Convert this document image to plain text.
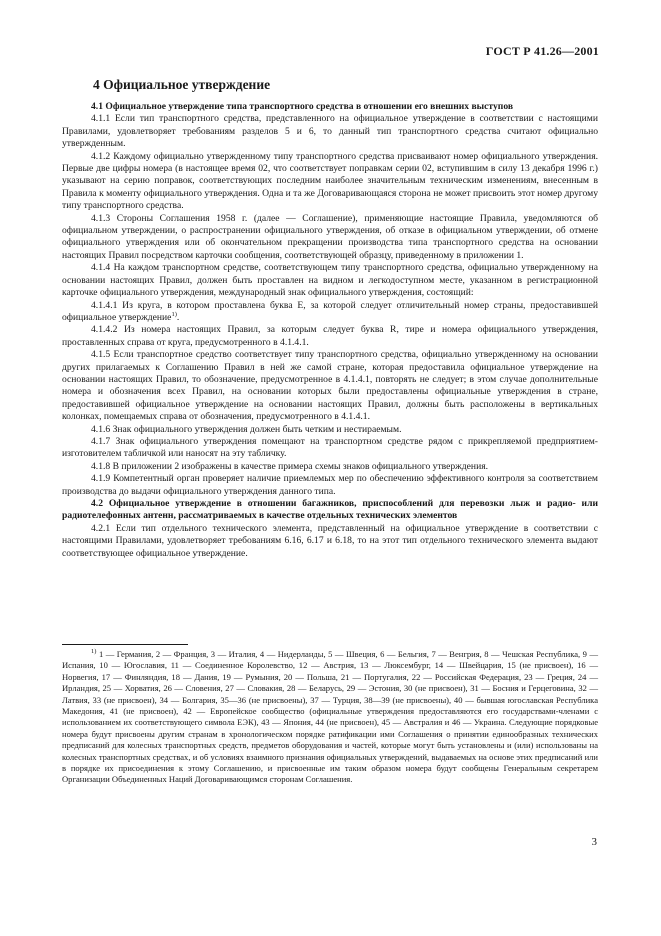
ГОСТ Р 41.26—2001
4 Официальное утверждение

4.1 Официальное утверждение типа транспортного средства в отношении его внешних выступов

4.1.1 Если тип транспортного средства, представленного на официальное утверждение в соответствии с настоящими Правилами, удовлетворяет требованиям разделов 5 и 6, то данный тип транспортного средства считают официально утвержденным.

4.1.2 Каждому официально утвержденному типу транспортного средства присваивают номер официального утверждения. Первые две цифры номера (в настоящее время 02, что соответствует поправкам серии 02, вступившим в силу 13 декабря 1996 г.) указывают на серию поправок, соответствующих последним наиболее значительным техническим изменениям, внесенным в Правила к моменту официального утверждения. Одна и та же Договаривающаяся сторона не может присвоить этот номер другому типу транспортного средства.

4.1.3 Стороны Соглашения 1958 г. (далее — Соглашение), применяющие настоящие Правила, уведомляются об официальном утверждении, о распространении официального утверждения, об отказе в официальном утверждении, об отмене официального утверждения или об окончательном прекращении производства типа транспортного средства на основании настоящих Правил посредством карточки сообщения, соответствующей образцу, приведенному в приложении 1.

4.1.4 На каждом транспортном средстве, соответствующем типу транспортного средства, официально утвержденному на основании настоящих Правил, должен быть проставлен на видном и легкодоступном месте, указанном в регистрационной карточке официального утверждения, международный знак официального утверждения, состоящий:

4.1.4.1 Из круга, в котором проставлена буква Е, за которой следует отличительный номер страны, предоставившей официальное утверждение$^{1)}$.

4.1.4.2 Из номера настоящих Правил, за которым следует буква R, тире и номера официального утверждения, проставленных справа от круга, предусмотренного в 4.1.4.1.

4.1.5 Если транспортное средство соответствует типу транспортного средства, официально утвержденному на основании других прилагаемых к Соглашению Правил в ней же самой стране, которая предоставила официальное утверждение на основании настоящих Правил, то обозначение, предусмотренное в 4.1.4.1, повторять не следует; в этом случае дополнительные номера и обозначения всех Правил, на основании которых были предоставлены официальные утверждения в стране, предоставившей официальное утверждение на основании настоящих Правил, должны быть расположены в вертикальных колонках, помещаемых справа от обозначения, предусмотренного в 4.1.4.1.

4.1.6 Знак официального утверждения должен быть четким и нестираемым.

4.1.7 Знак официального утверждения помещают на транспортном средстве рядом с прикрепляемой предприятием-изготовителем табличкой или наносят на эту табличку.

4.1.8 В приложении 2 изображены в качестве примера схемы знаков официального утверждения.

4.1.9 Компетентный орган проверяет наличие приемлемых мер по обеспечению эффективного контроля за соответствием производства до выдачи официального утверждения данного типа.

4.2 Официальное утверждение в отношении багажников, приспособлений для перевозки лыж и радио- или радиотелефонных антенн, рассматриваемых в качестве отдельных технических элементов

4.2.1 Если тип отдельного технического элемента, представленный на официальное утверждение в соответствии с настоящими Правилами, удовлетворяет требованиям 6.16, 6.17 и 6.18, то на этот тип отдельного технического элемента выдают соответствующее официальное утверждение.

$^{1)}$ 1 — Германия, 2 — Франция, 3 — Италия, 4 — Нидерланды, 5 — Швеция, 6 — Бельгия, 7 — Венгрия, 8 — Чешская Республика, 9 — Испания, 10 — Югославия, 11 — Соединенное Королевство, 12 — Австрия, 13 — Люксембург, 14 — Швейцария, 15 (не присвоен), 16 — Норвегия, 17 — Финляндия, 18 — Дания, 19 — Румыния, 20 — Польша, 21 — Португалия, 22 — Российская Федерация, 23 — Греция, 24 — Ирландия, 25 — Хорватия, 26 — Словения, 27 — Словакия, 28 — Беларусь, 29 — Эстония, 30 (не присвоен), 31 — Босния и Герцеговина, 32 — Латвия, 33 (не присвоен), 34 — Болгария, 35—36 (не присвоены), 37 — Турция, 38—39 (не присвоены), 40 — бывшая югославская Республика Македония, 41 (не присвоен), 42 — Европейское сообщество (официальные утверждения предоставляются его государствами-членами с использованием их соответствующего символа ЕЭК), 43 — Япония, 44 (не присвоен), 45 — Австралия и 46 — Украина. Следующие порядковые номера будут присвоены другим странам в хронологическом порядке ратификации ими Соглашения о принятии единообразных технических предписаний для колесных транспортных средств, предметов оборудования и частей, которые могут быть установлены и (или) использованы на колесных транспортных средствах, и об условиях взаимного признания официальных утверждений, выдаваемых на основе этих предписаний или в порядке их присоединения к этому Соглашению, и присвоенные им таким образом номера будут сообщены Генеральным секретарем Организации Объединенных Наций Договаривающимся сторонам Соглашения.

3
